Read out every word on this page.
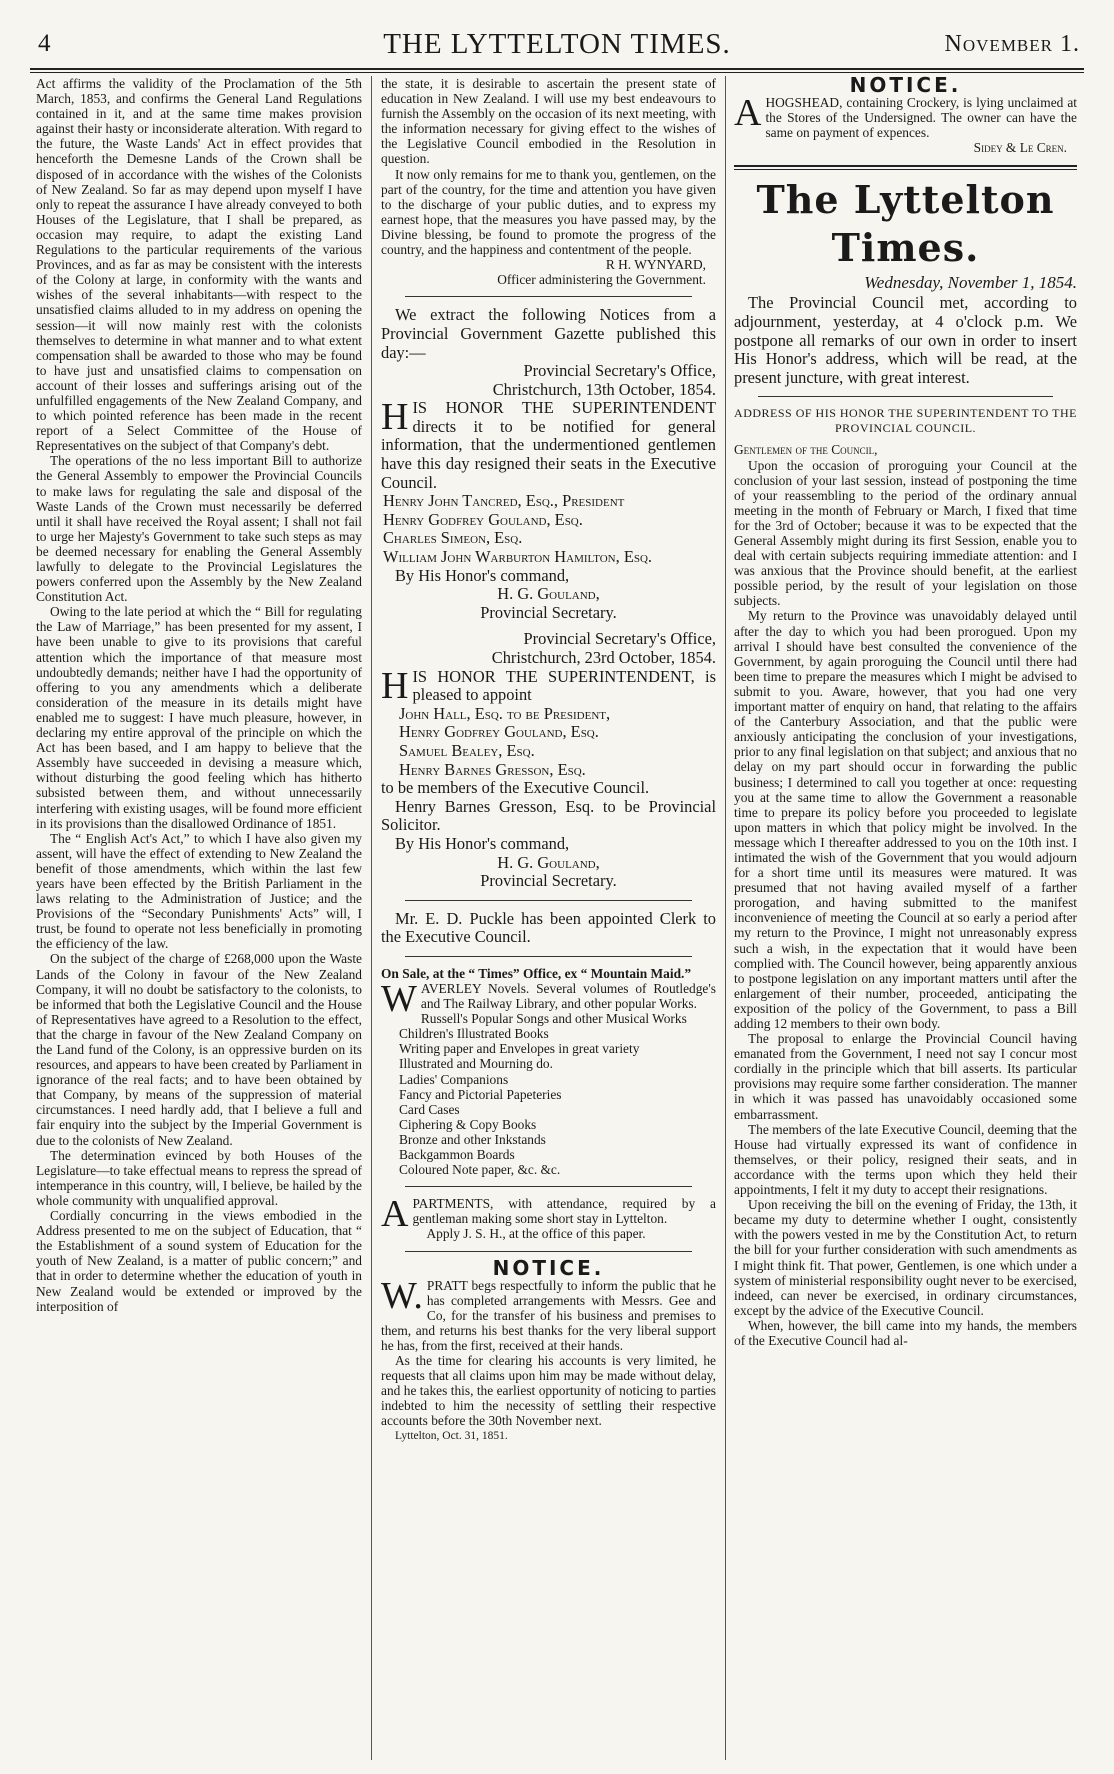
4	THE LYTTELTON TIMES.	November 1.

Act affirms the validity of the Proclamation of the 5th March, 1853, and confirms the General Land Regulations contained in it, and at the same time makes provision against their hasty or inconsiderate alteration. With regard to the future, the Waste Lands' Act in effect provides that henceforth the Demesne Lands of the Crown shall be disposed of in accordance with the wishes of the Colonists of New Zealand. So far as may depend upon myself I have only to repeat the assurance I have already conveyed to both Houses of the Legislature, that I shall be prepared, as occasion may require, to adapt the existing Land Regulations to the particular requirements of the various Provinces, and as far as may be consistent with the interests of the Colony at large, in conformity with the wants and wishes of the several inhabitants—with respect to the unsatisfied claims alluded to in my address on opening the session—it will now mainly rest with the colonists themselves to determine in what manner and to what extent compensation shall be awarded to those who may be found to have just and unsatisfied claims to compensation on account of their losses and sufferings arising out of the unfulfilled engagements of the New Zealand Company, and to which pointed reference has been made in the recent report of a Select Committee of the House of Representatives on the subject of that Company's debt.

The operations of the no less important Bill to authorize the General Assembly to empower the Provincial Councils to make laws for regulating the sale and disposal of the Waste Lands of the Crown must necessarily be deferred until it shall have received the Royal assent; I shall not fail to urge her Majesty's Government to take such steps as may be deemed necessary for enabling the General Assembly lawfully to delegate to the Provincial Legislatures the powers conferred upon the Assembly by the New Zealand Constitution Act.

Owing to the late period at which the “ Bill for regulating the Law of Marriage,” has been presented for my assent, I have been unable to give to its provisions that careful attention which the importance of that measure most undoubtedly demands; neither have I had the opportunity of offering to you any amendments which a deliberate consideration of the measure in its details might have enabled me to suggest: I have much pleasure, however, in declaring my entire approval of the principle on which the Act has been based, and I am happy to believe that the Assembly have succeeded in devising a measure which, without disturbing the good feeling which has hitherto subsisted between them, and without unnecessarily interfering with existing usages, will be found more efficient in its provisions than the disallowed Ordinance of 1851.

The “ English Act's Act,” to which I have also given my assent, will have the effect of extending to New Zealand the benefit of those amendments, which within the last few years have been effected by the British Parliament in the laws relating to the Administration of Justice; and the Provisions of the “Secondary Punishments' Acts” will, I trust, be found to operate not less beneficially in promoting the efficiency of the law.

On the subject of the charge of £268,000 upon the Waste Lands of the Colony in favour of the New Zealand Company, it will no doubt be satisfactory to the colonists, to be informed that both the Legislative Council and the House of Representatives have agreed to a Resolution to the effect, that the charge in favour of the New Zealand Company on the Land fund of the Colony, is an oppressive burden on its resources, and appears to have been created by Parliament in ignorance of the real facts; and to have been obtained by that Company, by means of the suppression of material circumstances. I need hardly add, that I believe a full and fair enquiry into the subject by the Imperial Government is due to the colonists of New Zealand.

The determination evinced by both Houses of the Legislature—to take effectual means to repress the spread of intemperance in this country, will, I believe, be hailed by the whole community with unqualified approval.

Cordially concurring in the views embodied in the Address presented to me on the subject of Education, that “ the Establishment of a sound system of Education for the youth of New Zealand, is a matter of public concern;” and that in order to determine whether the education of youth in New Zealand would be extended or improved by the interposition of

the state, it is desirable to ascertain the present state of education in New Zealand. I will use my best endeavours to furnish the Assembly on the occasion of its next meeting, with the information necessary for giving effect to the wishes of the Legislative Council embodied in the Resolution in question.

It now only remains for me to thank you, gentlemen, on the part of the country, for the time and attention you have given to the discharge of your public duties, and to express my earnest hope, that the measures you have passed may, by the Divine blessing, be found to promote the progress of the country, and the happiness and contentment of the people.

R H. WYNYARD,

Officer administering the Government.

We extract the following Notices from a Provincial Government Gazette published this day:—

Provincial Secretary's Office,

Christchurch, 13th October, 1854.

HIS HONOR THE SUPERINTENDENT directs it to be notified for general information, that the undermentioned gentlemen have this day resigned their seats in the Executive Council.

Henry John Tancred, Esq., President

Henry Godfrey Gouland, Esq.

Charles Simeon, Esq.

William John Warburton Hamilton, Esq.

By His Honor's command,

H. G. Gouland,

Provincial Secretary.

Provincial Secretary's Office,

Christchurch, 23rd October, 1854.

HIS HONOR THE SUPERINTENDENT, is pleased to appoint

John Hall, Esq. to be President,

Henry Godfrey Gouland, Esq.

Samuel Bealey, Esq.

Henry Barnes Gresson, Esq.

to be members of the Executive Council.

Henry Barnes Gresson, Esq. to be Provincial Solicitor.

By His Honor's command,

H. G. Gouland,

Provincial Secretary.

Mr. E. D. Puckle has been appointed Clerk to the Executive Council.

On Sale, at the “ Times” Office, ex “ Mountain Maid.”

WAVERLEY Novels. Several volumes of Routledge's and The Railway Library, and other popular Works.

Russell's Popular Songs and other Musical Works

Children's Illustrated Books

Writing paper and Envelopes in great variety

Illustrated and Mourning do.

Ladies' Companions

Fancy and Pictorial Papeteries

Card Cases

Ciphering & Copy Books

Bronze and other Inkstands

Backgammon Boards

Coloured Note paper, &c. &c.

APARTMENTS, with attendance, required by a gentleman making some short stay in Lyttelton.

Apply J. S. H., at the office of this paper.

NOTICE.

W. PRATT begs respectfully to inform the public that he has completed arrangements with Messrs. Gee and Co, for the transfer of his business and premises to them, and returns his best thanks for the very liberal support he has, from the first, received at their hands.

As the time for clearing his accounts is very limited, he requests that all claims upon him may be made without delay, and he takes this, the earliest opportunity of noticing to parties indebted to him the necessity of settling their respective accounts before the 30th November next.

Lyttelton, Oct. 31, 1851.

NOTICE.

AHOGSHEAD, containing Crockery, is lying unclaimed at the Stores of the Undersigned. The owner can have the same on payment of expences.

Sidey & Le Cren.

The Lyttelton Times.
Wednesday, November 1, 1854.

The Provincial Council met, according to adjournment, yesterday, at 4 o'clock p.m. We postpone all remarks of our own in order to insert His Honor's address, which will be read, at the present juncture, with great interest.

ADDRESS OF HIS HONOR THE SUPERINTENDENT TO THE PROVINCIAL COUNCIL.

Gentlemen of the Council,

Upon the occasion of proroguing your Council at the conclusion of your last session, instead of postponing the time of your reassembling to the period of the ordinary annual meeting in the month of February or March, I fixed that time for the 3rd of October; because it was to be expected that the General Assembly might during its first Session, enable you to deal with certain subjects requiring immediate attention: and I was anxious that the Province should benefit, at the earliest possible period, by the result of your legislation on those subjects.

My return to the Province was unavoidably delayed until after the day to which you had been prorogued. Upon my arrival I should have best consulted the convenience of the Government, by again proroguing the Council until there had been time to prepare the measures which I might be advised to submit to you. Aware, however, that you had one very important matter of enquiry on hand, that relating to the affairs of the Canterbury Association, and that the public were anxiously anticipating the conclusion of your investigations, prior to any final legislation on that subject; and anxious that no delay on my part should occur in forwarding the public business; I determined to call you together at once: requesting you at the same time to allow the Government a reasonable time to prepare its policy before you proceeded to legislate upon matters in which that policy might be involved. In the message which I thereafter addressed to you on the 10th inst. I intimated the wish of the Government that you would adjourn for a short time until its measures were matured. It was presumed that not having availed myself of a farther prorogation, and having submitted to the manifest inconvenience of meeting the Council at so early a period after my return to the Province, I might not unreasonably express such a wish, in the expectation that it would have been complied with. The Council however, being apparently anxious to postpone legislation on any important matters until after the enlargement of their number, proceeded, anticipating the exposition of the policy of the Government, to pass a Bill adding 12 members to their own body.

The proposal to enlarge the Provincial Council having emanated from the Government, I need not say I concur most cordially in the principle which that bill asserts. Its particular provisions may require some farther consideration. The manner in which it was passed has unavoidably occasioned some embarrassment.

The members of the late Executive Council, deeming that the House had virtually expressed its want of confidence in themselves, or their policy, resigned their seats, and in accordance with the terms upon which they held their appointments, I felt it my duty to accept their resignations.

Upon receiving the bill on the evening of Friday, the 13th, it became my duty to determine whether I ought, consistently with the powers vested in me by the Constitution Act, to return the bill for your further consideration with such amendments as I might think fit. That power, Gentlemen, is one which under a system of ministerial responsibility ought never to be exercised, indeed, can never be exercised, in ordinary circumstances, except by the advice of the Executive Council.

When, however, the bill came into my hands, the members of the Executive Council had al-
